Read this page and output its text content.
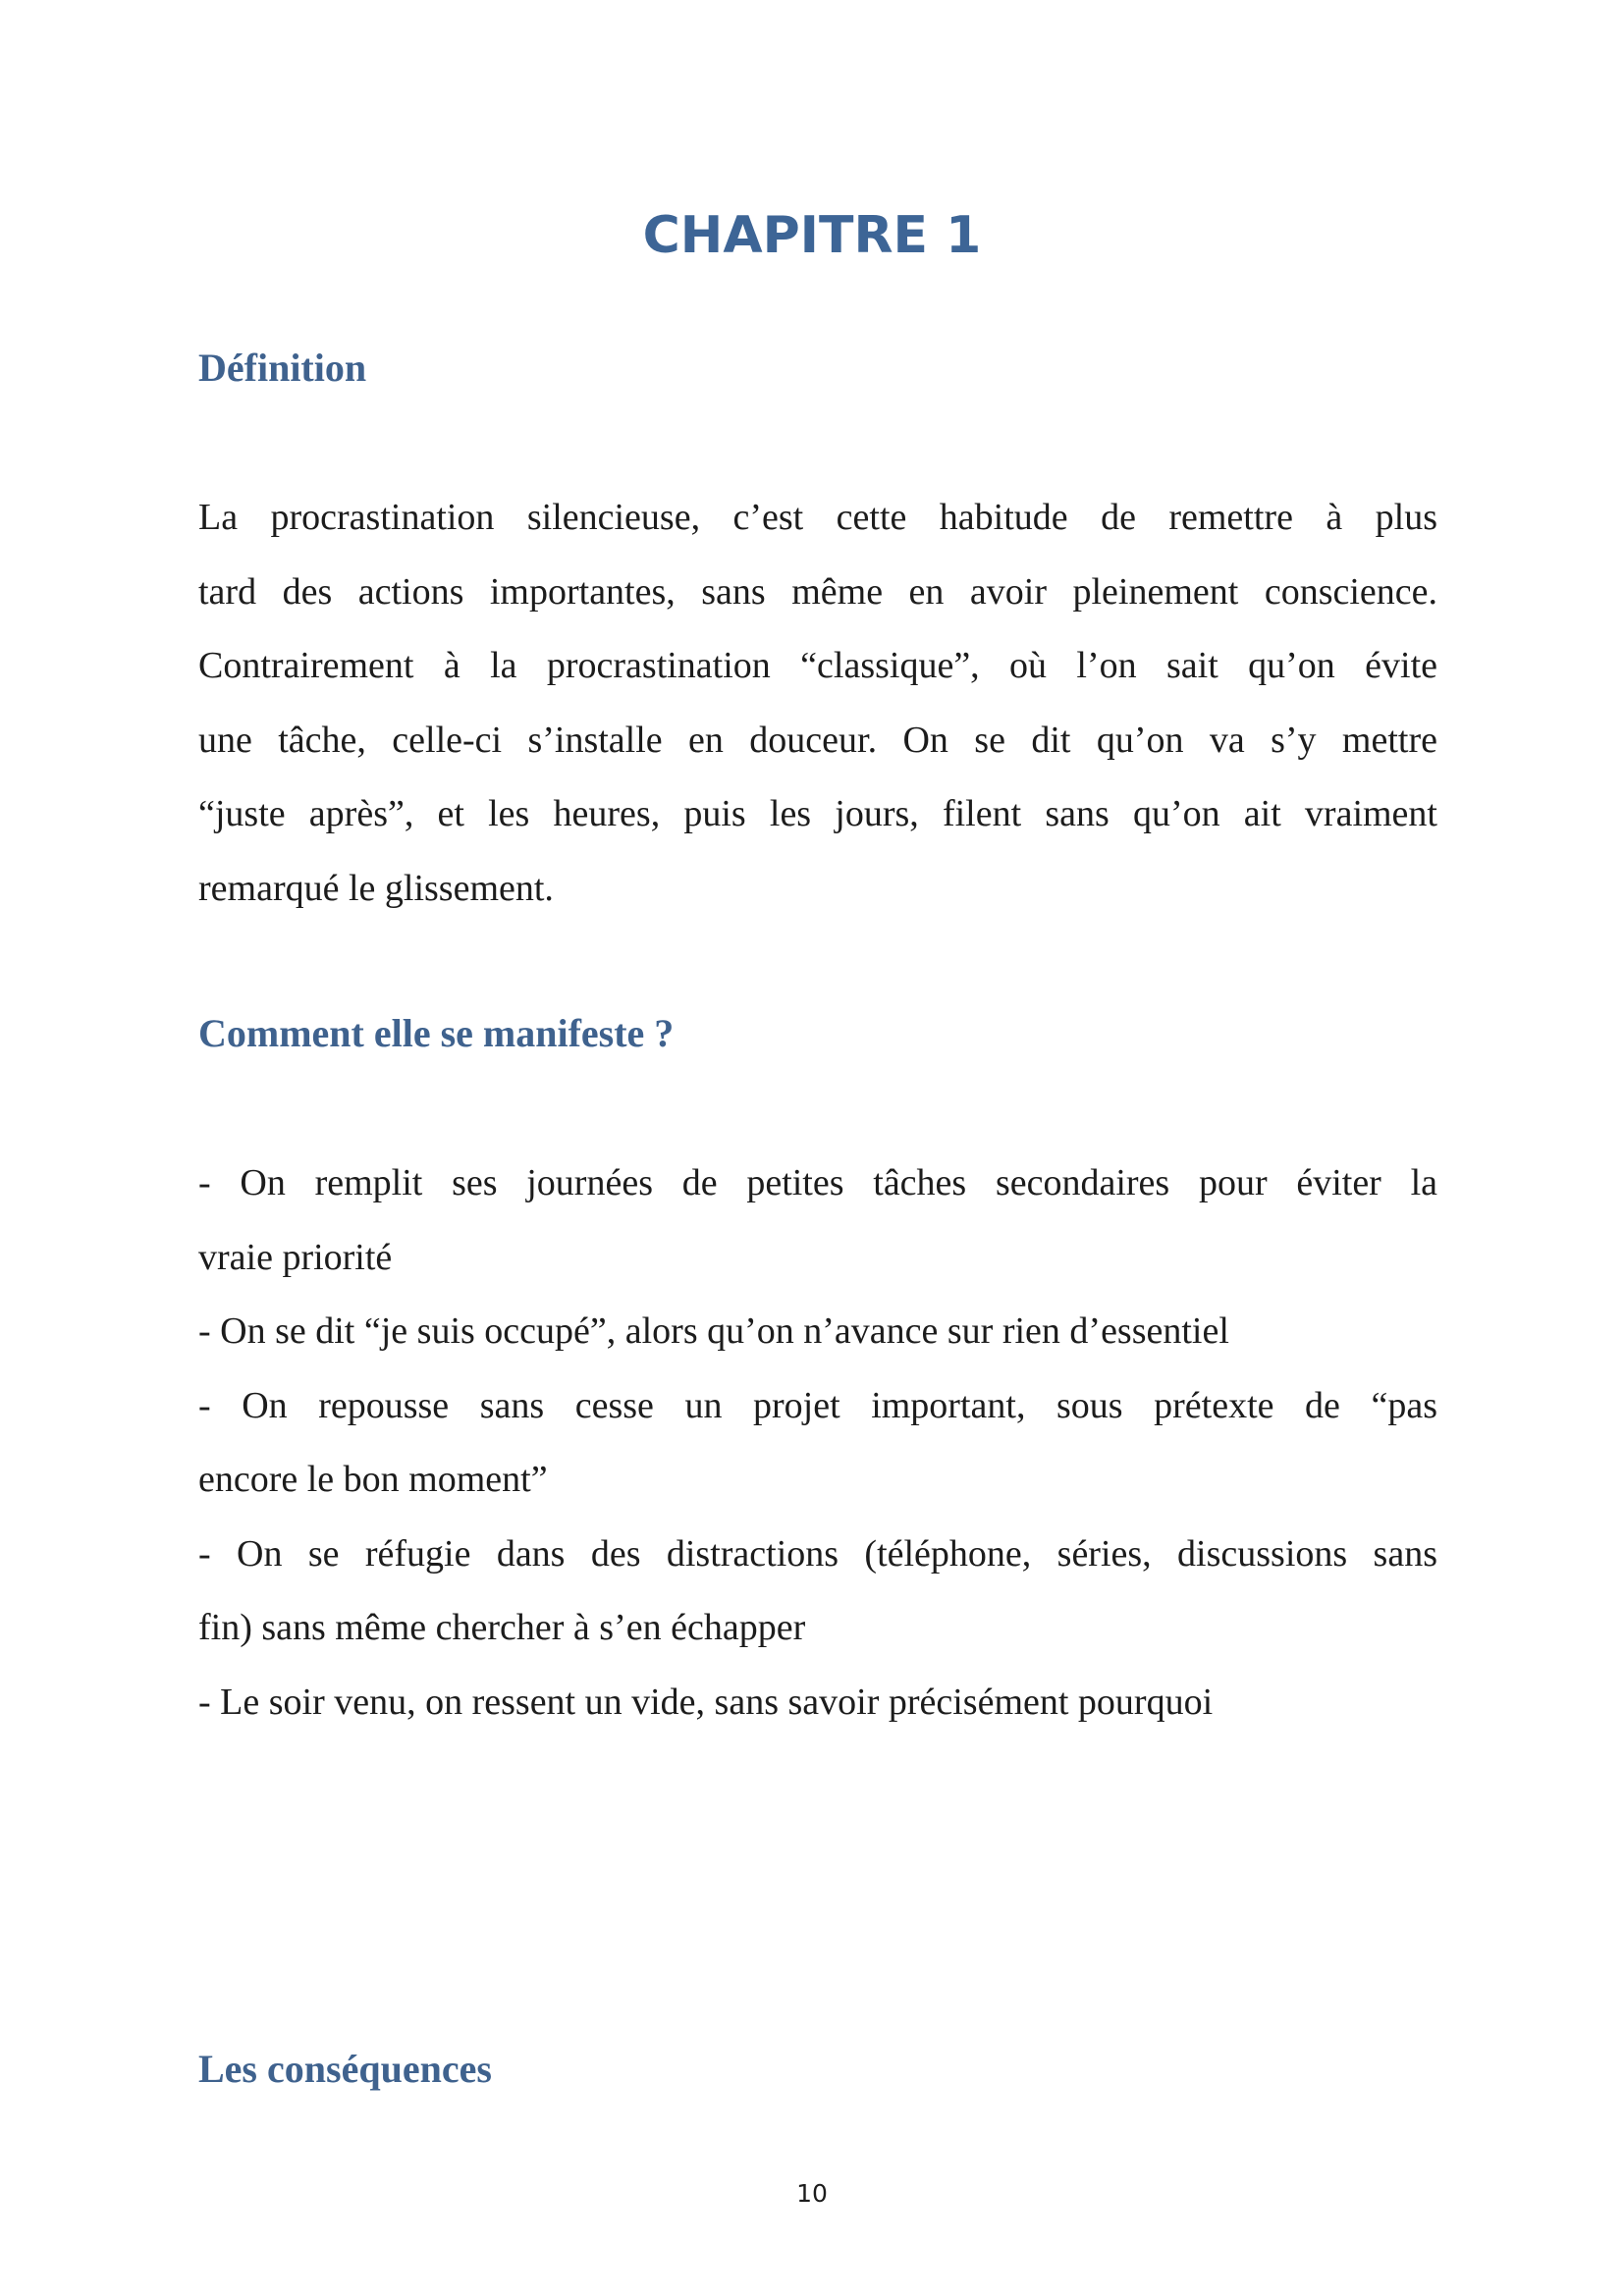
CHAPITRE 1
Définition
La procrastination silencieuse, c’est cette habitude de remettre à plus
tard des actions importantes, sans même en avoir pleinement conscience.
Contrairement à la procrastination “classique”, où l’on sait qu’on évite
une tâche, celle-ci s’installe en douceur. On se dit qu’on va s’y mettre
“juste après”, et les heures, puis les jours, filent sans qu’on ait vraiment
remarqué le glissement.
Comment elle se manifeste ?
- On remplit ses journées de petites tâches secondaires pour éviter la
vraie priorité
- On se dit “je suis occupé”, alors qu’on n’avance sur rien d’essentiel
- On repousse sans cesse un projet important, sous prétexte de “pas
encore le bon moment”
- On se réfugie dans des distractions (téléphone, séries, discussions sans
fin) sans même chercher à s’en échapper
- Le soir venu, on ressent un vide, sans savoir précisément pourquoi
Les conséquences
10
